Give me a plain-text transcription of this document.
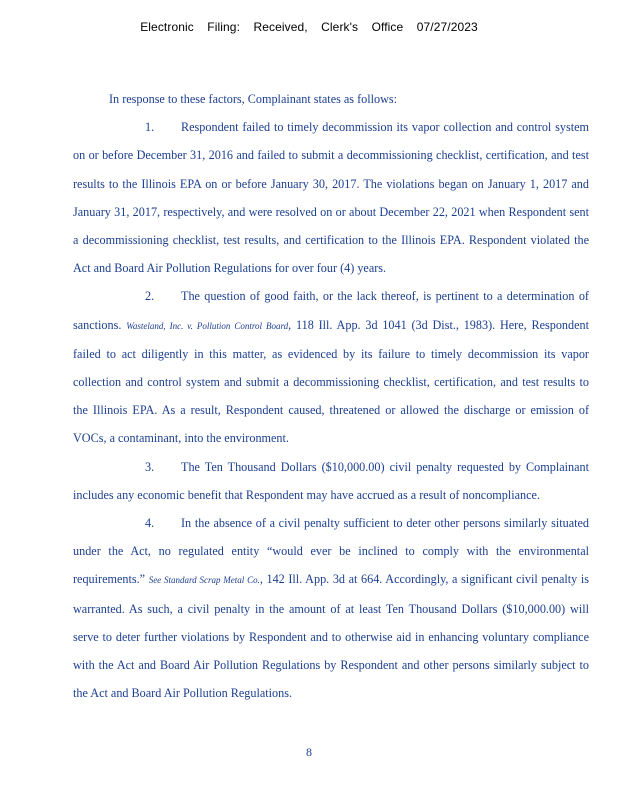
Electronic Filing: Received, Clerk's Office 07/27/2023

In response to these factors, Complainant states as follows:

1. Respondent failed to timely decommission its vapor collection and control system on or before December 31, 2016 and failed to submit a decommissioning checklist, certification, and test results to the Illinois EPA on or before January 30, 2017. The violations began on January 1, 2017 and January 31, 2017, respectively, and were resolved on or about December 22, 2021 when Respondent sent a decommissioning checklist, test results, and certification to the Illinois EPA. Respondent violated the Act and Board Air Pollution Regulations for over four (4) years.

2. The question of good faith, or the lack thereof, is pertinent to a determination of sanctions. Wasteland, Inc. v. Pollution Control Board, 118 Ill. App. 3d 1041 (3d Dist., 1983). Here, Respondent failed to act diligently in this matter, as evidenced by its failure to timely decommission its vapor collection and control system and submit a decommissioning checklist, certification, and test results to the Illinois EPA. As a result, Respondent caused, threatened or allowed the discharge or emission of VOCs, a contaminant, into the environment.

3. The Ten Thousand Dollars ($10,000.00) civil penalty requested by Complainant includes any economic benefit that Respondent may have accrued as a result of noncompliance.

4. In the absence of a civil penalty sufficient to deter other persons similarly situated under the Act, no regulated entity “would ever be inclined to comply with the environmental requirements.” See Standard Scrap Metal Co., 142 Ill. App. 3d at 664. Accordingly, a significant civil penalty is warranted. As such, a civil penalty in the amount of at least Ten Thousand Dollars ($10,000.00) will serve to deter further violations by Respondent and to otherwise aid in enhancing voluntary compliance with the Act and Board Air Pollution Regulations by Respondent and other persons similarly subject to the Act and Board Air Pollution Regulations.

8
